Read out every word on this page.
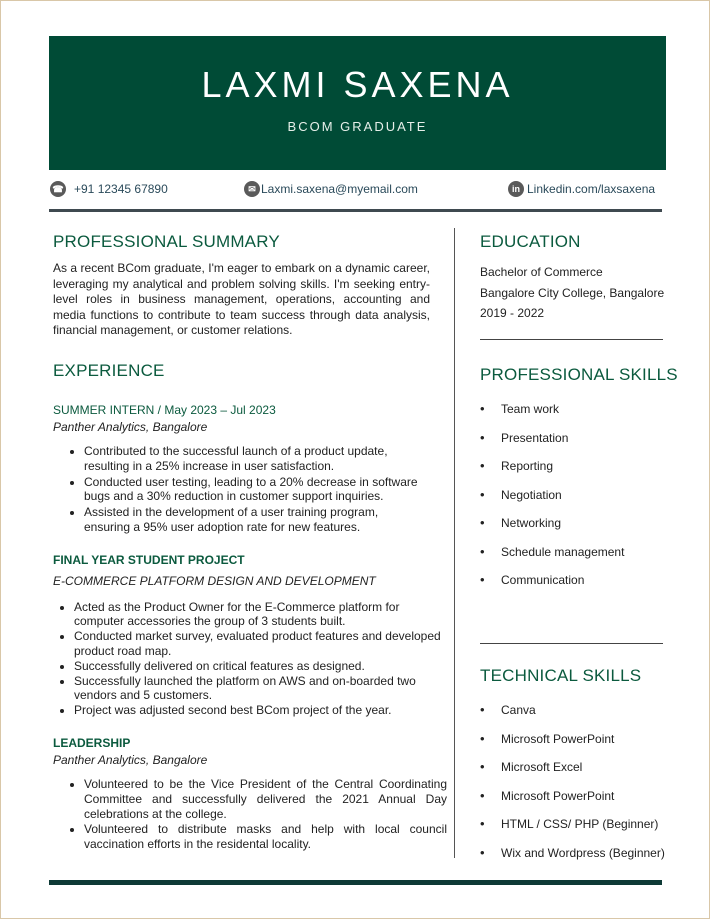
LAXMI SAXENA
BCOM GRADUATE
☎ +91 12345 67890	✉ Laxmi.saxena@myemail.com	in Linkedin.com/laxsaxena
PROFESSIONAL SUMMARY
As a recent BCom graduate, I'm eager to embark on a dynamic career, leveraging my analytical and problem solving skills. I'm seeking entry-level roles in business management, operations, accounting and media functions to contribute to team success through data analysis, financial management, or customer relations.
EXPERIENCE
SUMMER INTERN / May 2023 – Jul 2023
Panther Analytics, Bangalore
• Contributed to the successful launch of a product update, resulting in a 25% increase in user satisfaction.
• Conducted user testing, leading to a 20% decrease in software bugs and a 30% reduction in customer support inquiries.
• Assisted in the development of a user training program, ensuring a 95% user adoption rate for new features.
FINAL YEAR STUDENT PROJECT
E-COMMERCE PLATFORM DESIGN AND DEVELOPMENT
• Acted as the Product Owner for the E-Commerce platform for computer accessories the group of 3 students built.
• Conducted market survey, evaluated product features and developed product road map.
• Successfully delivered on critical features as designed.
• Successfully launched the platform on AWS and on-boarded two vendors and 5 customers.
• Project was adjusted second best BCom project of the year.
LEADERSHIP
Panther Analytics, Bangalore
• Volunteered to be the Vice President of the Central Coordinating Committee and successfully delivered the 2021 Annual Day celebrations at the college.
• Volunteered to distribute masks and help with local council vaccination efforts in the residental locality.
EDUCATION
Bachelor of Commerce
Bangalore City College, Bangalore
2019 - 2022
PROFESSIONAL SKILLS
•	Team work
•	Presentation
•	Reporting
•	Negotiation
•	Networking
•	Schedule management
•	Communication
TECHNICAL SKILLS
•	Canva
•	Microsoft PowerPoint
•	Microsoft Excel
•	Microsoft PowerPoint
•	HTML / CSS/ PHP (Beginner)
•	Wix and Wordpress (Beginner)
